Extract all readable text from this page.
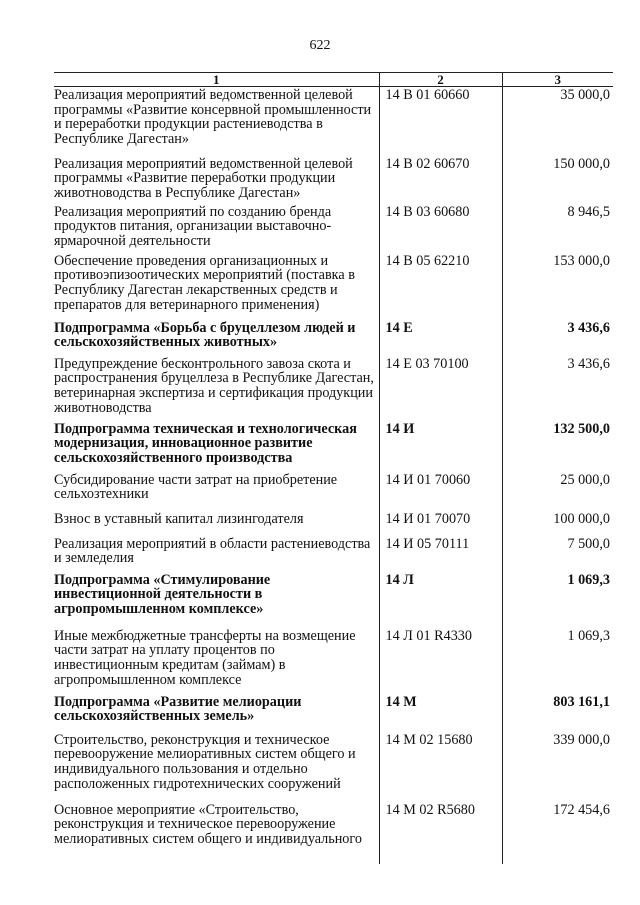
622
1	2	3
Реализация мероприятий ведомственной целевой программы «Развитие консервной промышленности и переработки продукции растениеводства в Республике Дагестан»	14 В 01 60660	35 000,0
Реализация мероприятий ведомственной целевой программы «Развитие переработки продукции животноводства в Республике Дагестан»	14 В 02 60670	150 000,0
Реализация мероприятий по созданию бренда продуктов питания, организации выставочно-ярмарочной деятельности	14 В 03 60680	8 946,5
Обеспечение проведения организационных и противоэпизоотических мероприятий (поставка в Республику Дагестан лекарственных средств и препаратов для ветеринарного применения)	14 В 05 62210	153 000,0
Подпрограмма «Борьба с бруцеллезом людей и сельскохозяйственных животных»	14 Е	3 436,6
Предупреждение бесконтрольного завоза скота и распространения бруцеллеза в Республике Дагестан, ветеринарная экспертиза и сертификация продукции животноводства	14 Е 03 70100	3 436,6
Подпрограмма техническая и технологическая модернизация, инновационное развитие сельскохозяйственного производства	14 И	132 500,0
Субсидирование части затрат на приобретение сельхозтехники	14 И 01 70060	25 000,0
Взнос в уставный капитал лизингодателя	14 И 01 70070	100 000,0
Реализация мероприятий в области растениеводства и земледелия	14 И 05 70111	7 500,0
Подпрограмма «Стимулирование инвестиционной деятельности в агропромышленном комплексе»	14 Л	1 069,3
Иные межбюджетные трансферты на возмещение части затрат на уплату процентов по инвестиционным кредитам (займам) в агропромышленном комплексе	14 Л 01 R4330	1 069,3
Подпрограмма «Развитие мелиорации сельскохозяйственных земель»	14 М	803 161,1
Строительство, реконструкция и техническое перевооружение мелиоративных систем общего и индивидуального пользования и отдельно расположенных гидротехнических сооружений	14 М 02 15680	339 000,0
Основное мероприятие «Строительство, реконструкция и техническое перевооружение мелиоративных систем общего и индивидуального	14 М 02 R5680	172 454,6
